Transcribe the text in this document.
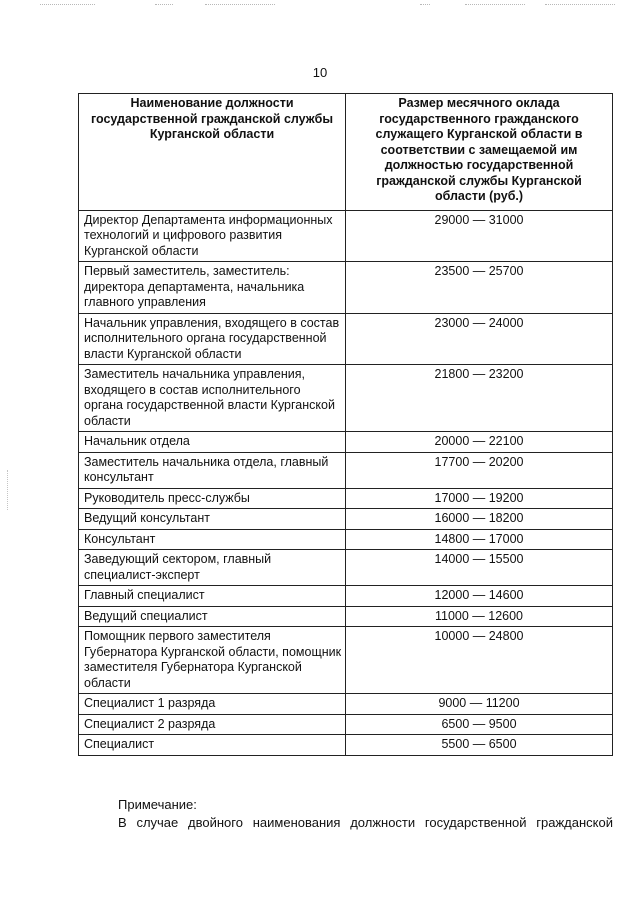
10
Наименование должности государственной гражданской службы Курганской области	Размер месячного оклада государственного гражданского служащего Курганской области в соответствии с замещаемой им должностью государственной гражданской службы Курганской области (руб.)
Директор Департамента информационных технологий и цифрового развития Курганской области	29000 — 31000
Первый заместитель, заместитель: директора департамента, начальника главного управления	23500 — 25700
Начальник управления, входящего в состав исполнительного органа государственной власти Курганской области	23000 — 24000
Заместитель начальника управления, входящего в состав исполнительного органа государственной власти Курганской области	21800 — 23200
Начальник отдела	20000 — 22100
Заместитель начальника отдела, главный консультант	17700 — 20200
Руководитель пресс-службы	17000 — 19200
Ведущий консультант	16000 — 18200
Консультант	14800 — 17000
Заведующий сектором, главный специалист-эксперт	14000 — 15500
Главный специалист	12000 — 14600
Ведущий специалист	11000 — 12600
Помощник первого заместителя Губернатора Курганской области, помощник заместителя Губернатора Курганской области	10000 — 24800
Специалист 1 разряда	9000 — 11200
Специалист 2 разряда	6500 — 9500
Специалист	5500 — 6500
Примечание:
В случае двойного наименования должности государственной гражданской
